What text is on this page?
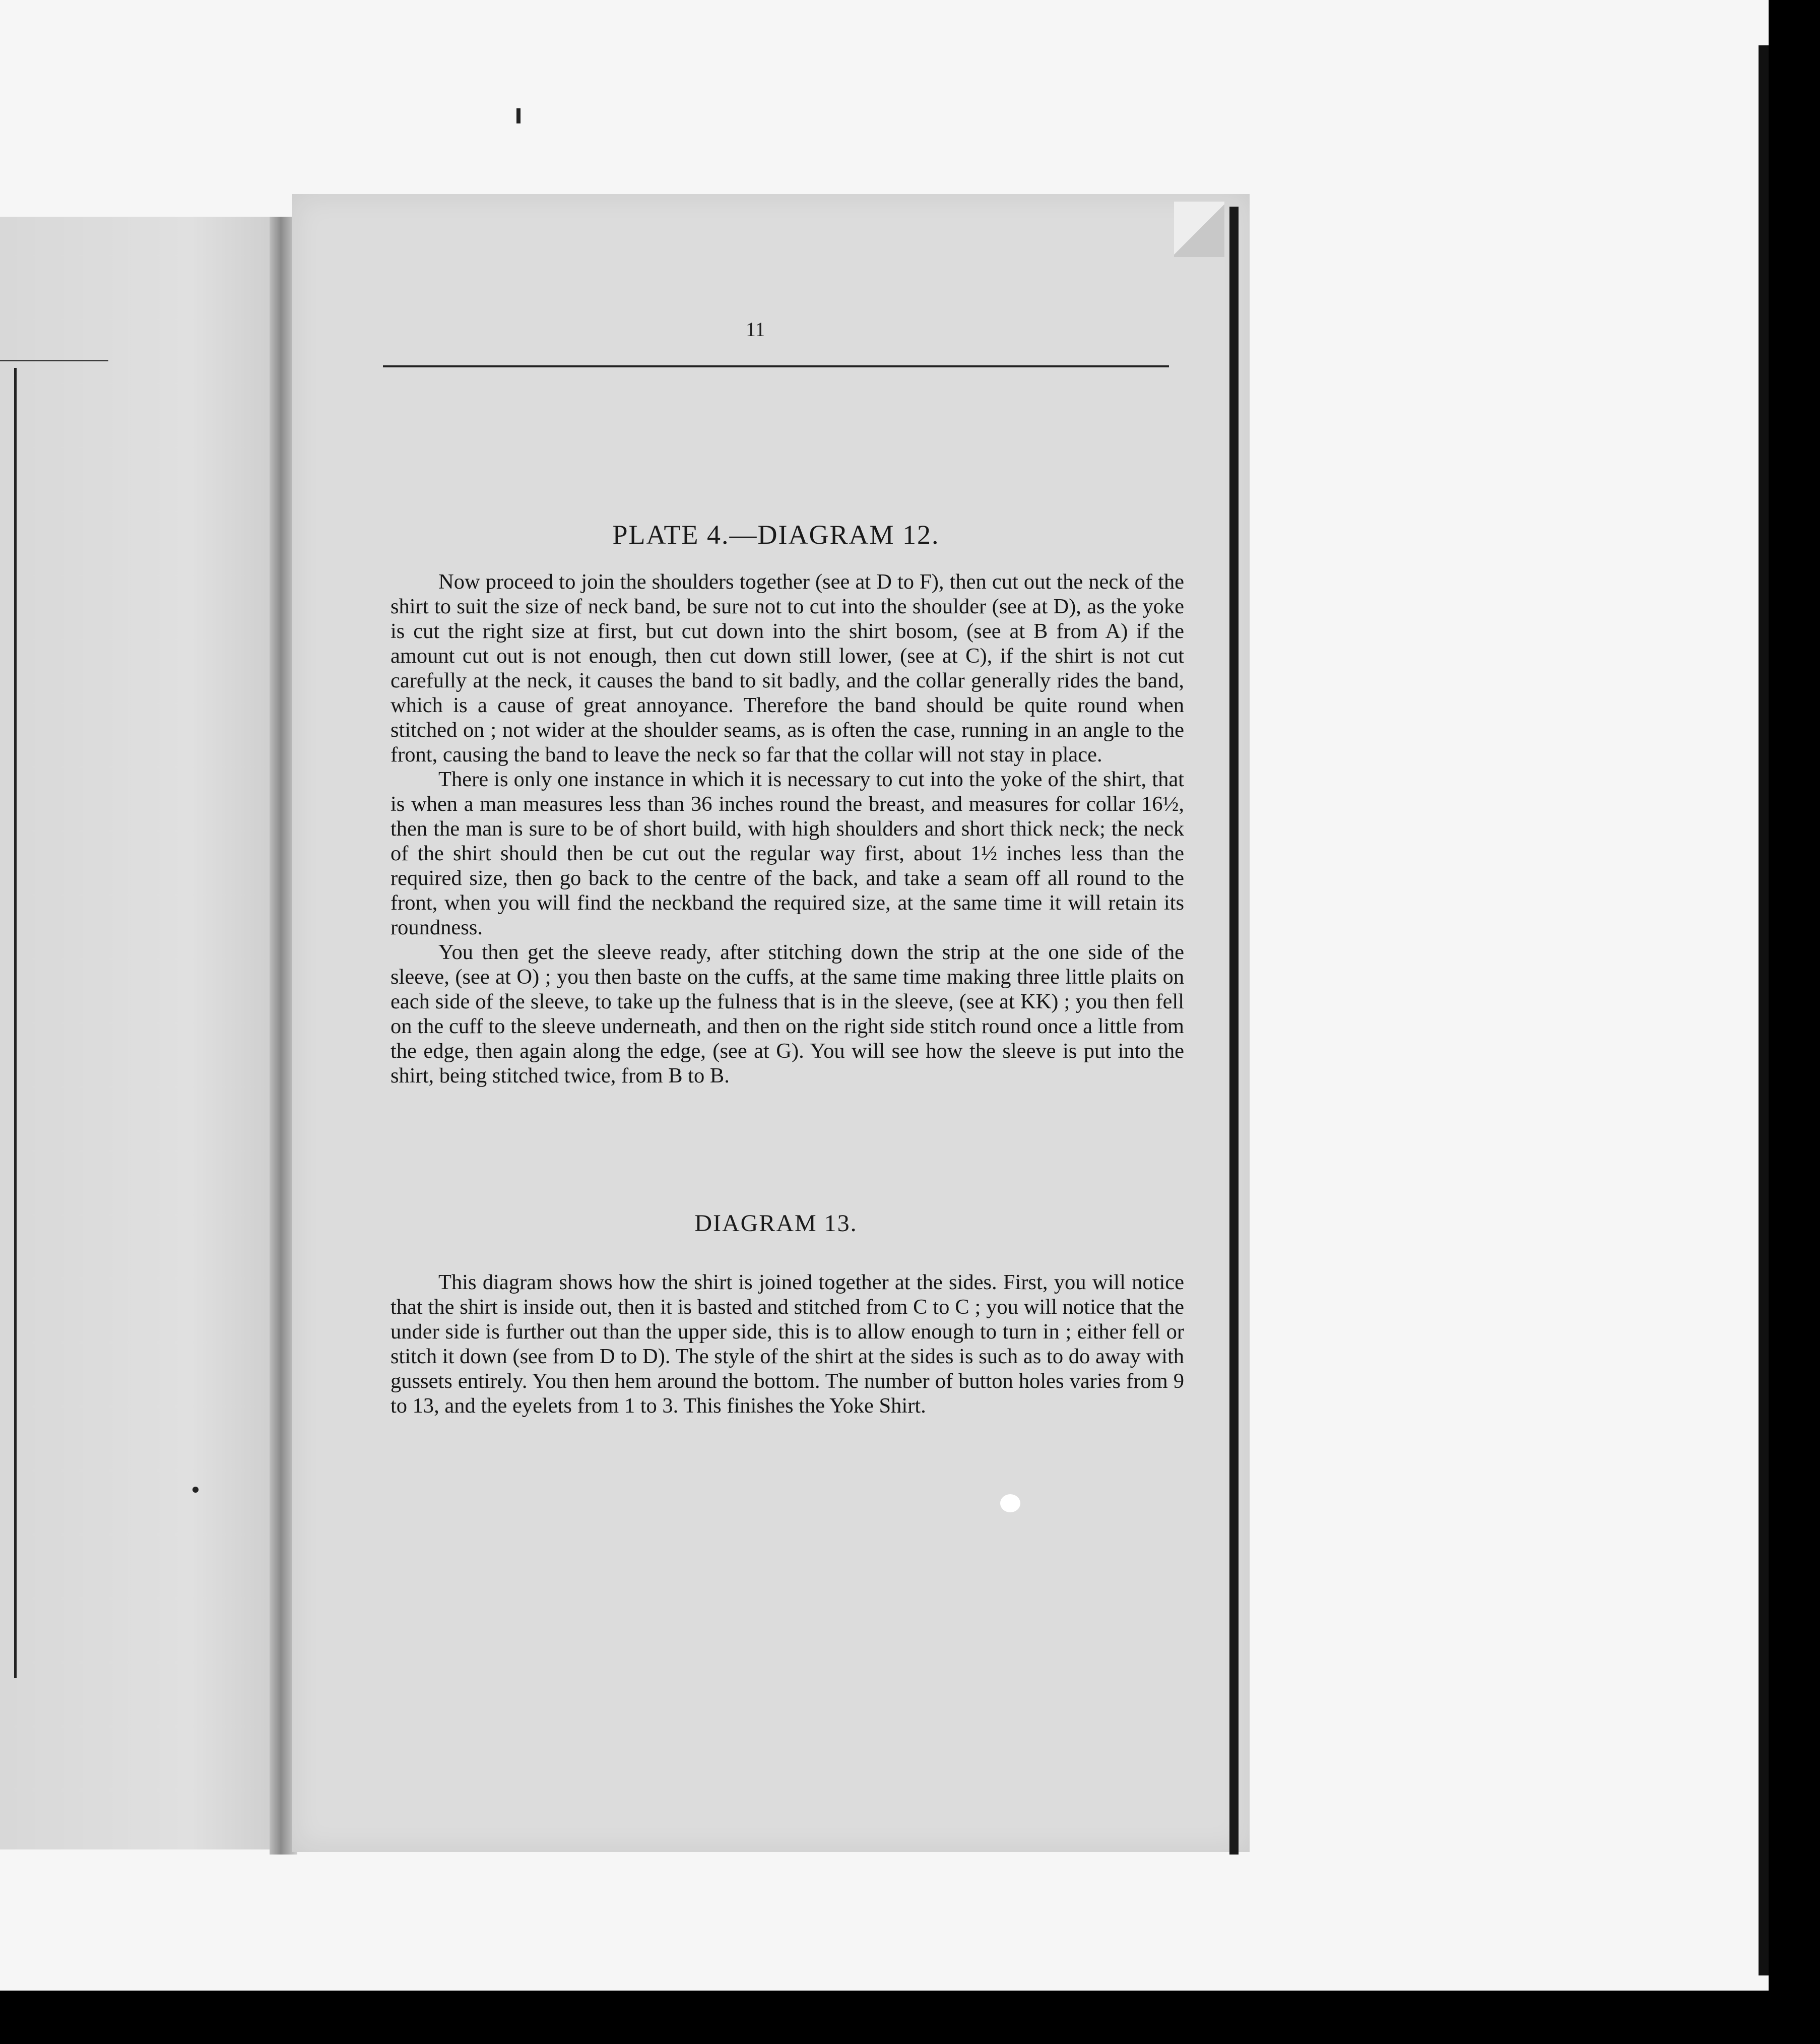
11
PLATE 4.—DIAGRAM 12.

Now proceed to join the shoulders together (see at D to F), then cut out the neck of the shirt to suit the size of neck band, be sure not to cut into the shoulder (see at D), as the yoke is cut the right size at first, but cut down into the shirt bosom, (see at B from A) if the amount cut out is not enough, then cut down still lower, (see at C), if the shirt is not cut carefully at the neck, it causes the band to sit badly, and the collar generally rides the band, which is a cause of great annoyance. Therefore the band should be quite round when stitched on ; not wider at the shoulder seams, as is often the case, running in an angle to the front, causing the band to leave the neck so far that the collar will not stay in place.

There is only one instance in which it is necessary to cut into the yoke of the shirt, that is when a man measures less than 36 inches round the breast, and measures for collar 16½, then the man is sure to be of short build, with high shoulders and short thick neck; the neck of the shirt should then be cut out the regular way first, about 1½ inches less than the required size, then go back to the centre of the back, and take a seam off all round to the front, when you will find the neckband the required size, at the same time it will retain its roundness.

You then get the sleeve ready, after stitching down the strip at the one side of the sleeve, (see at O) ; you then baste on the cuffs, at the same time making three little plaits on each side of the sleeve, to take up the fulness that is in the sleeve, (see at KK) ; you then fell on the cuff to the sleeve underneath, and then on the right side stitch round once a little from the edge, then again along the edge, (see at G). You will see how the sleeve is put into the shirt, being stitched twice, from B to B.

DIAGRAM 13.

This diagram shows how the shirt is joined together at the sides. First, you will notice that the shirt is inside out, then it is basted and stitched from C to C ; you will notice that the under side is further out than the upper side, this is to allow enough to turn in ; either fell or stitch it down (see from D to D). The style of the shirt at the sides is such as to do away with gussets entirely. You then hem around the bottom. The number of button holes varies from 9 to 13, and the eyelets from 1 to 3. This finishes the Yoke Shirt.
